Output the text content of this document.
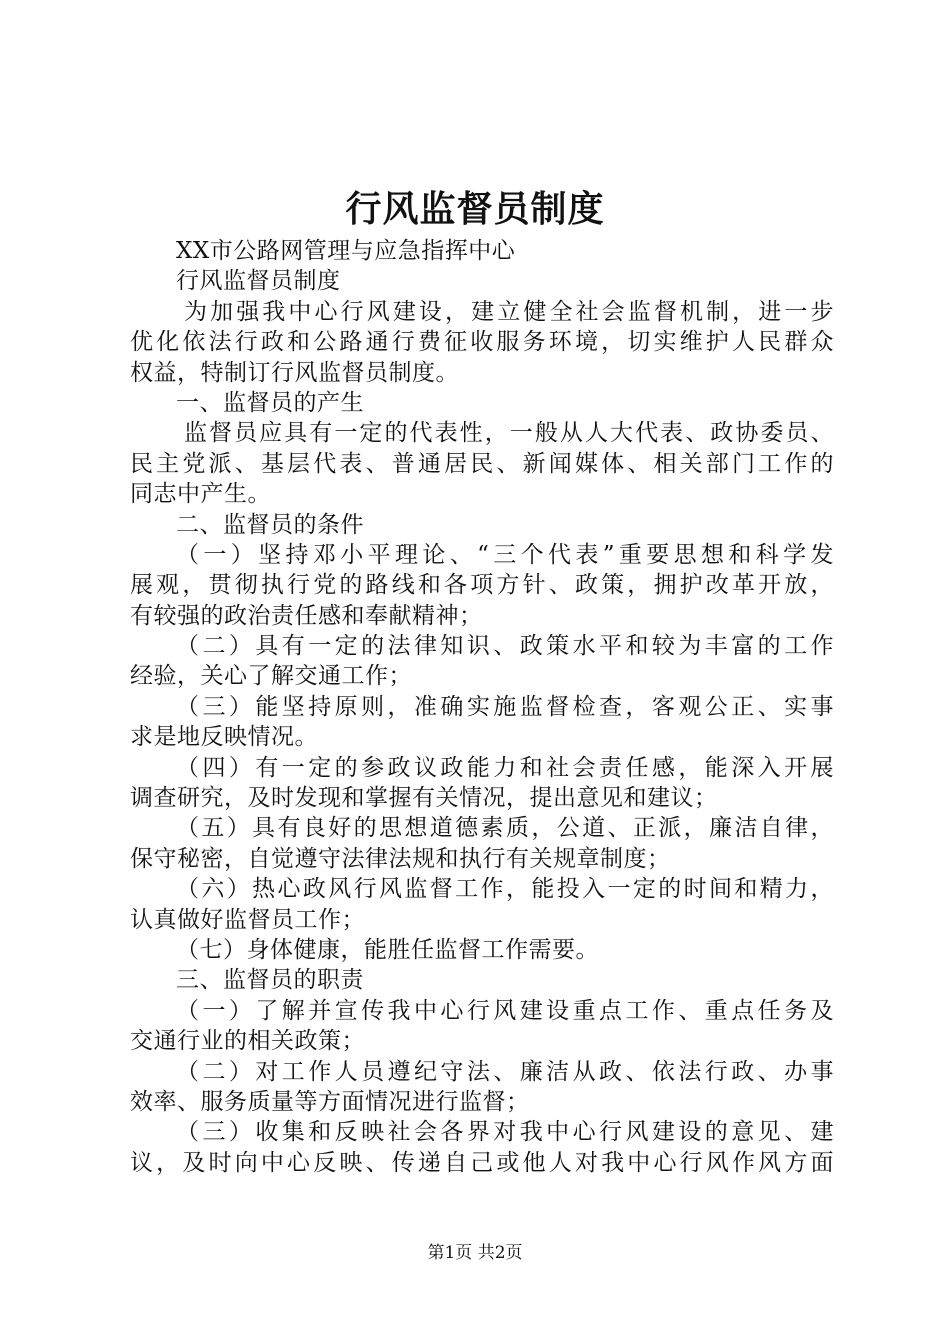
行风监督员制度
XX市公路网管理与应急指挥中心
行风监督员制度
为加强我中心行风建设，建立健全社会监督机制，进一步
优化依法行政和公路通行费征收服务环境，切实维护人民群众
权益，特制订行风监督员制度。
一、监督员的产生
监督员应具有一定的代表性，一般从人大代表、政协委员、
民主党派、基层代表、普通居民、新闻媒体、相关部门工作的
同志中产生。
二、监督员的条件
（一）坚持邓小平理论、“三个代表”重要思想和科学发
展观，贯彻执行党的路线和各项方针、政策，拥护改革开放，
有较强的政治责任感和奉献精神；
（二）具有一定的法律知识、政策水平和较为丰富的工作
经验，关心了解交通工作；
（三）能坚持原则，准确实施监督检查，客观公正、实事
求是地反映情况。
（四）有一定的参政议政能力和社会责任感，能深入开展
调查研究，及时发现和掌握有关情况，提出意见和建议；
（五）具有良好的思想道德素质，公道、正派，廉洁自律，
保守秘密，自觉遵守法律法规和执行有关规章制度；
（六）热心政风行风监督工作，能投入一定的时间和精力，
认真做好监督员工作；
（七）身体健康，能胜任监督工作需要。
三、监督员的职责
（一）了解并宣传我中心行风建设重点工作、重点任务及
交通行业的相关政策；
（二）对工作人员遵纪守法、廉洁从政、依法行政、办事
效率、服务质量等方面情况进行监督；
（三）收集和反映社会各界对我中心行风建设的意见、建
议，及时向中心反映、传递自己或他人对我中心行风作风方面
第1页 共2页
